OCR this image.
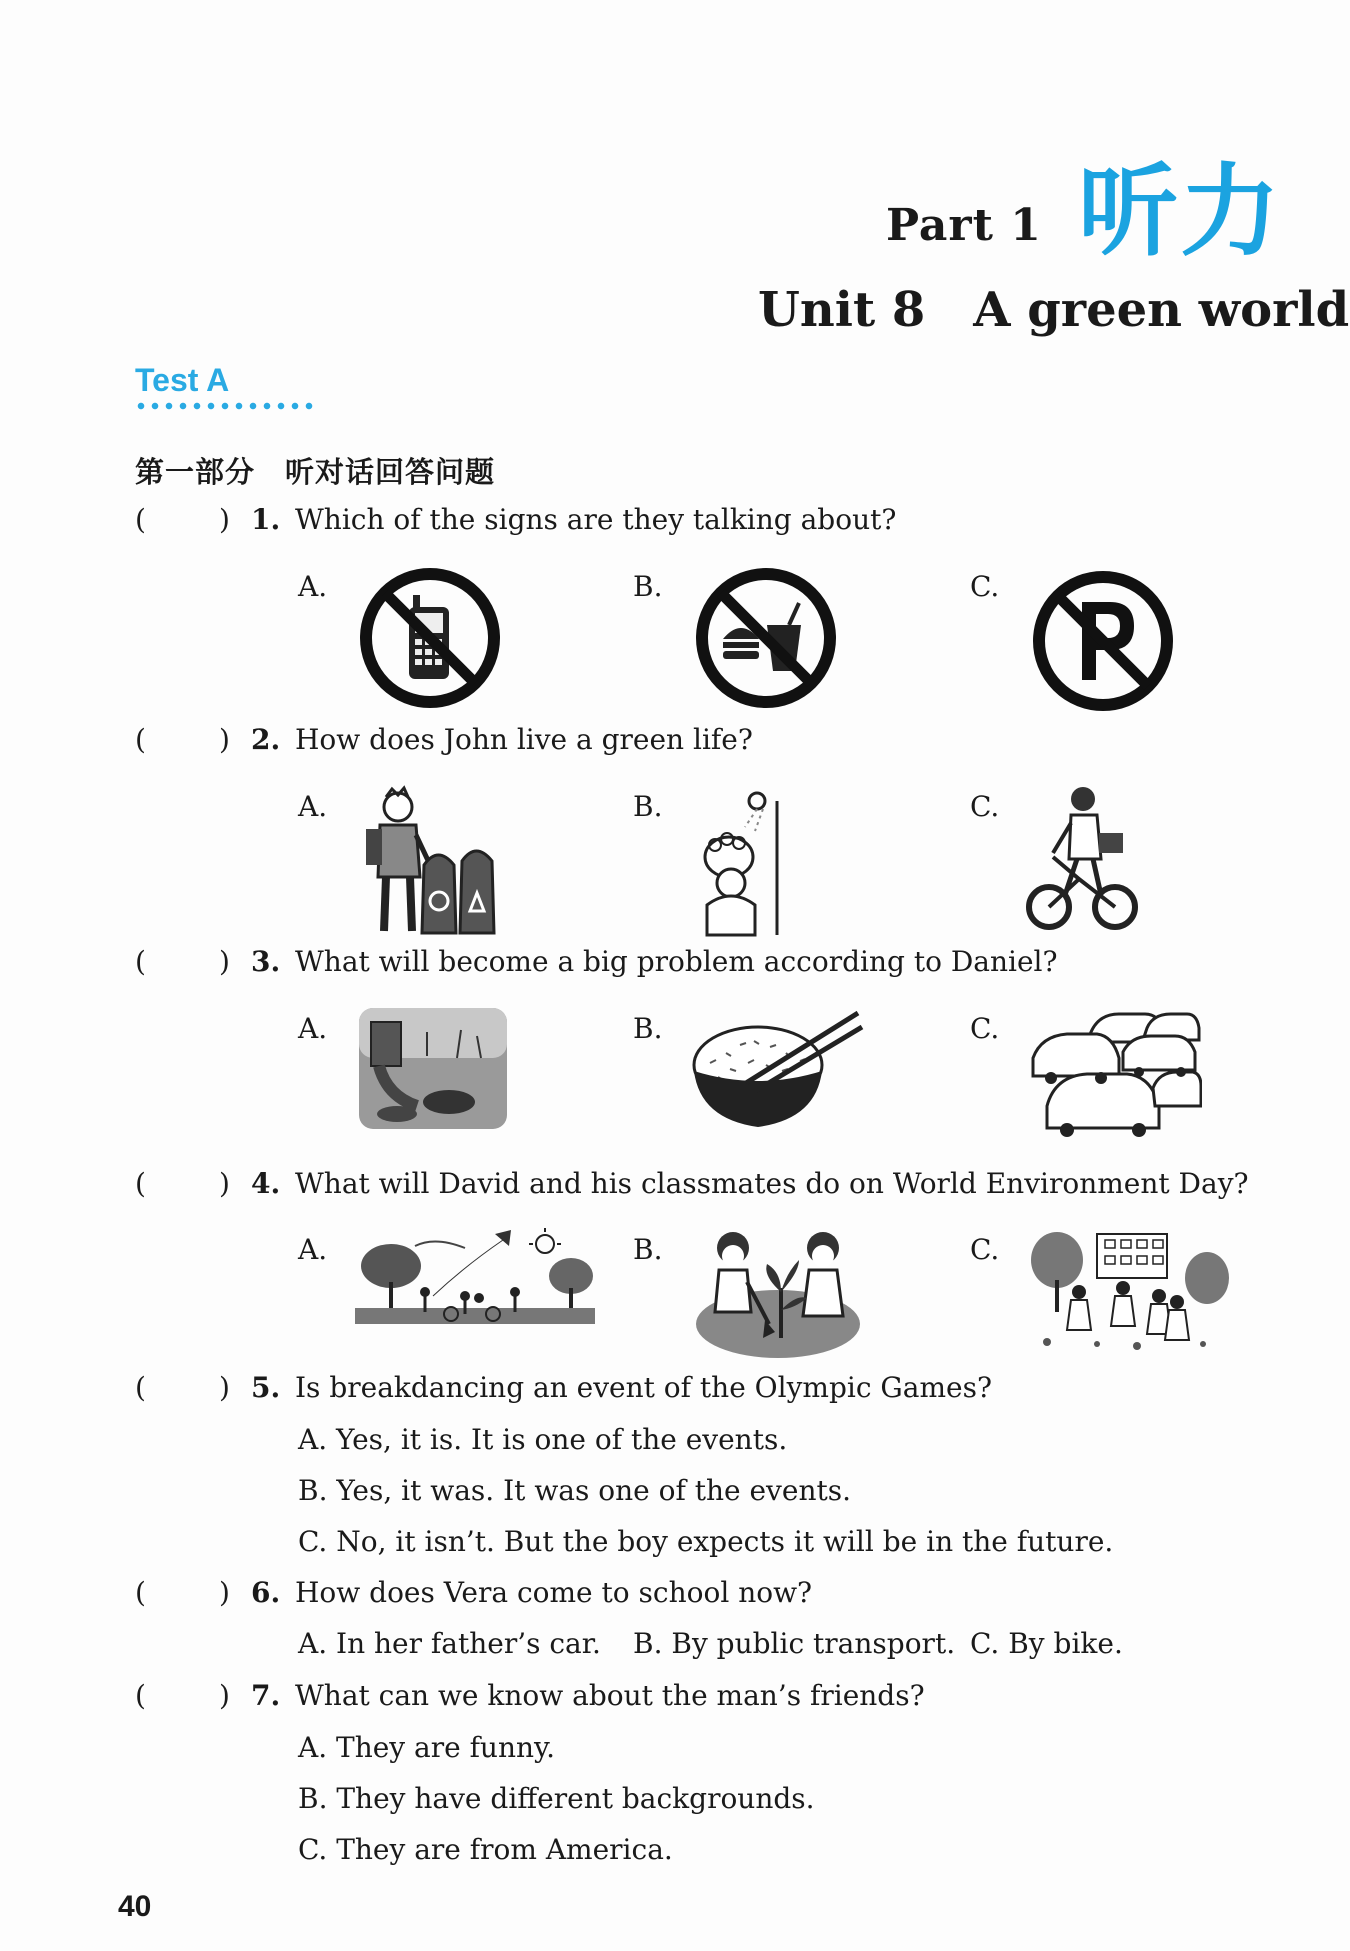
Part 1 听力
Unit 8 A green world
Test A
第一部分　听对话回答问题
(	) 1. Which of the signs are they talking about?
A.	B.	C.
(	) 2. How does John live a green life?
A.	B.	C.
(	) 3. What will become a big problem according to Daniel?
A.	B.	C.
(	) 4. What will David and his classmates do on World Environment Day?
A.	B.	C.
(	) 5. Is breakdancing an event of the Olympic Games?
A. Yes, it is. It is one of the events.
B. Yes, it was. It was one of the events.
C. No, it isn’t. But the boy expects it will be in the future.
(	) 6. How does Vera come to school now?
A. In her father’s car. B. By public transport. C. By bike.
(	) 7. What can we know about the man’s friends?
A. They are funny.
B. They have different backgrounds.
C. They are from America.
40
